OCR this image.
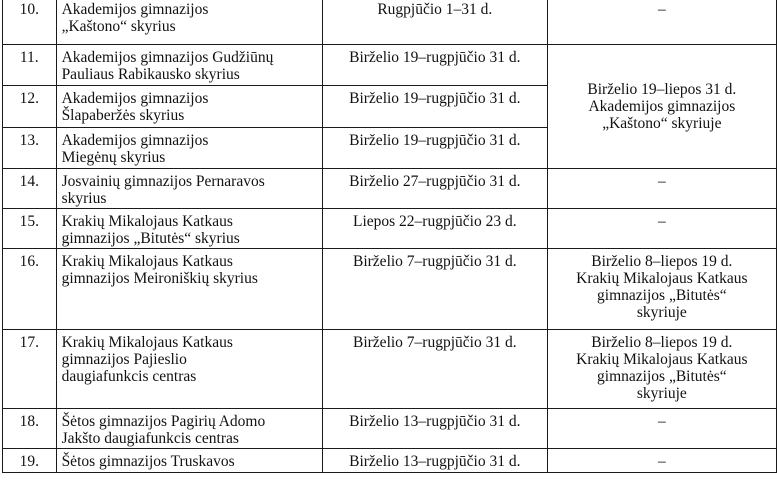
10.	Akademijos gimnazijos
„Kaštono“ skyrius	Rugpjūčio 1–31 d.	–

11.	Akademijos gimnazijos Gudžiūnų
Pauliaus Rabikausko skyrius	Birželio 19–rugpjūčio 31 d.	Birželio 19–liepos 31 d.
Akademijos gimnazijos
„Kaštono“ skyriuje

12.	Akademijos gimnazijos
Šlapaberžės skyrius	Birželio 19–rugpjūčio 31 d.	
13.	Akademijos gimnazijos
Miegėnų skyrius	Birželio 19–rugpjūčio 31 d.	
14.	Josvainių gimnazijos Pernaravos
skyrius	Birželio 27–rugpjūčio 31 d.	–

15.	Krakių Mikalojaus Katkaus
gimnazijos „Bitutės“ skyrius	Liepos 22–rugpjūčio 23 d.	–

16.	Krakių Mikalojaus Katkaus
gimnazijos Meironiškių skyrius	Birželio 7–rugpjūčio 31 d.	Birželio 8–liepos 19 d.
Krakių Mikalojaus Katkaus
gimnazijos „Bitutės“
skyriuje

17.	Krakių Mikalojaus Katkaus
gimnazijos Pajieslio
daugiafunkcis centras	Birželio 7–rugpjūčio 31 d.	Birželio 8–liepos 19 d.
Krakių Mikalojaus Katkaus
gimnazijos „Bitutės“
skyriuje

18.	Šėtos gimnazijos Pagirių Adomo
Jakšto daugiafunkcis centras	Birželio 13–rugpjūčio 31 d.	–

19.	Šėtos gimnazijos Truskavos	Birželio 13–rugpjūčio 31 d.	–
